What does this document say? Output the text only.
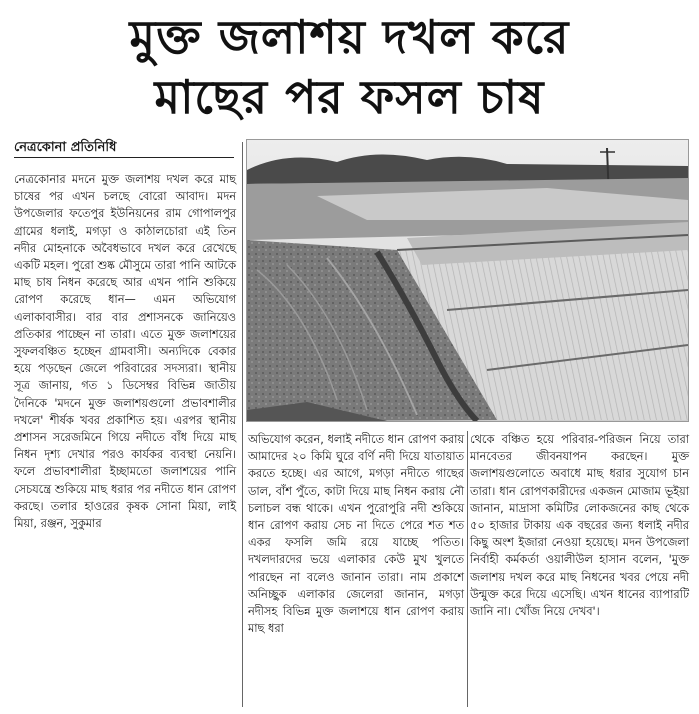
মুক্ত জলাশয় দখল করে
মাছের পর ফসল চাষ
নেত্রকোনা প্রতিনিধি

নেত্রকোনার মদনে মুক্ত জলাশয় দখল করে মাছ চাষের পর এখন চলছে বোরো আবাদ। মদন উপজেলার ফতেপুর ইউনিয়নের রাম গোপালপুর গ্রামের ধলাই, মগড়া ও কাঠালচোরা এই তিন নদীর মোহনাকে অবৈধভাবে দখল করে রেখেছে একটি মহল। পুরো শুষ্ক মৌসুমে তারা পানি আটকে মাছ চাষ নিধন করেছে আর এখন পানি শুকিয়ে রোপণ করেছে ধান— এমন অভিযোগ এলাকাবাসীর। বার বার প্রশাসনকে জানিয়েও প্রতিকার পাচ্ছেন না তারা। এতে মুক্ত জলাশয়ের সুফলবঞ্চিত হচ্ছেন গ্রামবাসী। অন্যদিকে বেকার হয়ে পড়ছেন জেলে পরিবারের সদস্যরা। স্থানীয় সূত্র জানায়, গত ১ ডিসেম্বর বিভিন্ন জাতীয় দৈনিকে 'মদনে মুক্ত জলাশয়গুলো প্রভাবশালীর দখলে' শীর্ষক খবর প্রকাশিত হয়। এরপর স্থানীয় প্রশাসন সরেজমিনে গিয়ে নদীতে বাঁধ দিয়ে মাছ নিধন দৃশ্য দেখার পরও কার্যকর ব্যবস্থা নেয়নি। ফলে প্রভাবশালীরা ইচ্ছামতো জলাশয়ের পানি সেচযন্ত্রে শুকিয়ে মাছ ধরার পর নদীতে ধান রোপণ করছে। তলার হাওরের কৃষক সোনা মিয়া, লাই মিয়া, রঞ্জন, সুকুমার

অভিযোগ করেন, ধলাই নদীতে ধান রোপণ করায় আমাদের ২০ কিমি ঘুরে বর্ণি নদী দিয়ে যাতায়াত করতে হচ্ছে। এর আগে, মগড়া নদীতে গাছের ডাল, বাঁশ পুঁতে, কাটা দিয়ে মাছ নিধন করায় নৌ চলাচল বন্ধ থাকে। এখন পুরোপুরি নদী শুকিয়ে ধান রোপণ করায় সেচ না দিতে পেরে শত শত একর ফসলি জমি রয়ে যাচ্ছে পতিত। দখলদারদের ভয়ে এলাকার কেউ মুখ খুলতে পারছেন না বলেও জানান তারা। নাম প্রকাশে অনিচ্ছুক এলাকার জেলেরা জানান, মগড়া নদীসহ বিভিন্ন মুক্ত জলাশয়ে ধান রোপণ করায় মাছ ধরা

থেকে বঞ্চিত হয়ে পরিবার-পরিজন নিয়ে তারা মানবেতর জীবনযাপন করছেন। মুক্ত জলাশয়গুলোতে অবাধে মাছ ধরার সুযোগ চান তারা। ধান রোপণকারীদের একজন মোজাম ভূইয়া জানান, মাদ্রাসা কমিটির লোকজনের কাছ থেকে ৫০ হাজার টাকায় এক বছরের জন্য ধলাই নদীর কিছু অংশ ইজারা নেওয়া হয়েছে। মদন উপজেলা নির্বাহী কর্মকর্তা ওয়ালীউল হাসান বলেন, 'মুক্ত জলাশয় দখল করে মাছ নিধনের খবর পেয়ে নদী উন্মুক্ত করে দিয়ে এসেছি। এখন ধানের ব্যাপারটি জানি না। খোঁজ নিয়ে দেখব'।
